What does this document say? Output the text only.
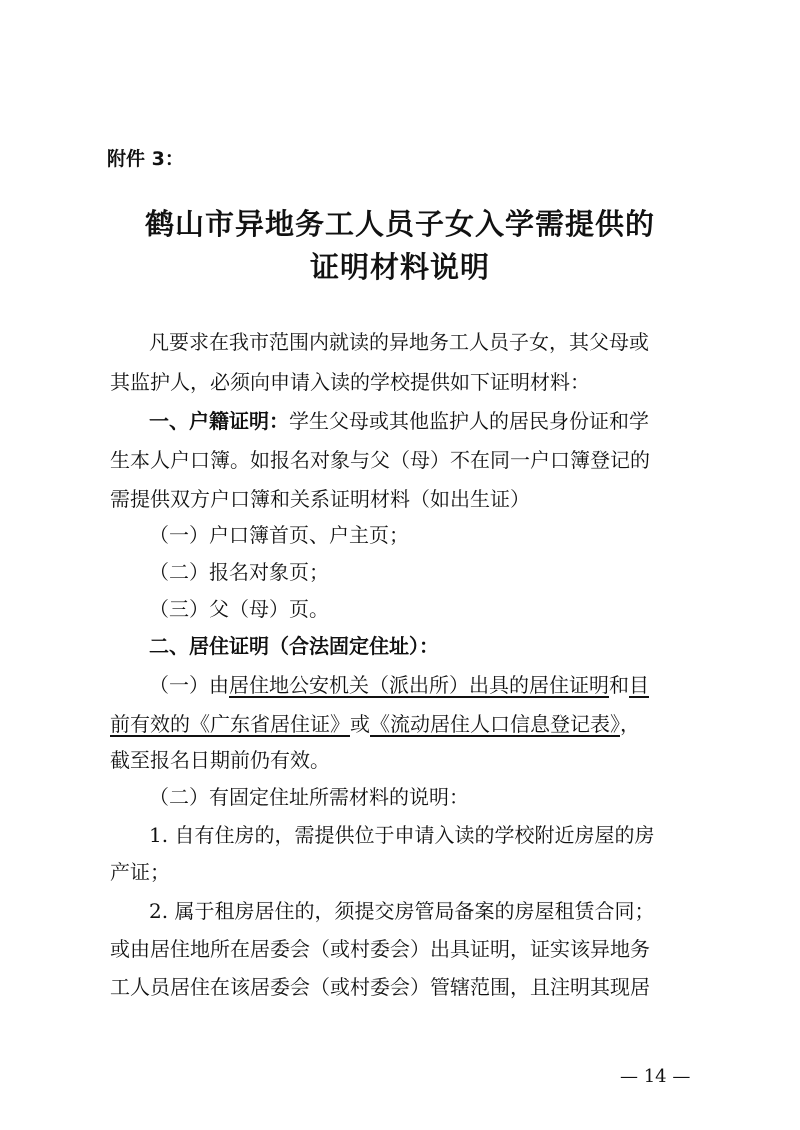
附件 3：
鹤山市异地务工人员子女入学需提供的
证明材料说明
凡要求在我市范围内就读的异地务工人员子女，其父母或
其监护人，必须向申请入读的学校提供如下证明材料：
一、户籍证明：学生父母或其他监护人的居民身份证和学
生本人户口簿。如报名对象与父（母）不在同一户口簿登记的
需提供双方户口簿和关系证明材料（如出生证）
（一）户口簿首页、户主页；
（二）报名对象页；
（三）父（母）页。
二、居住证明（合法固定住址）：
（一）由居住地公安机关（派出所）出具的居住证明和目
前有效的《广东省居住证》或《流动居住人口信息登记表》，
截至报名日期前仍有效。
（二）有固定住址所需材料的说明：
1. 自有住房的，需提供位于申请入读的学校附近房屋的房
产证；
2. 属于租房居住的，须提交房管局备案的房屋租赁合同；
或由居住地所在居委会（或村委会）出具证明，证实该异地务
工人员居住在该居委会（或村委会）管辖范围，且注明其现居
— 14 —
